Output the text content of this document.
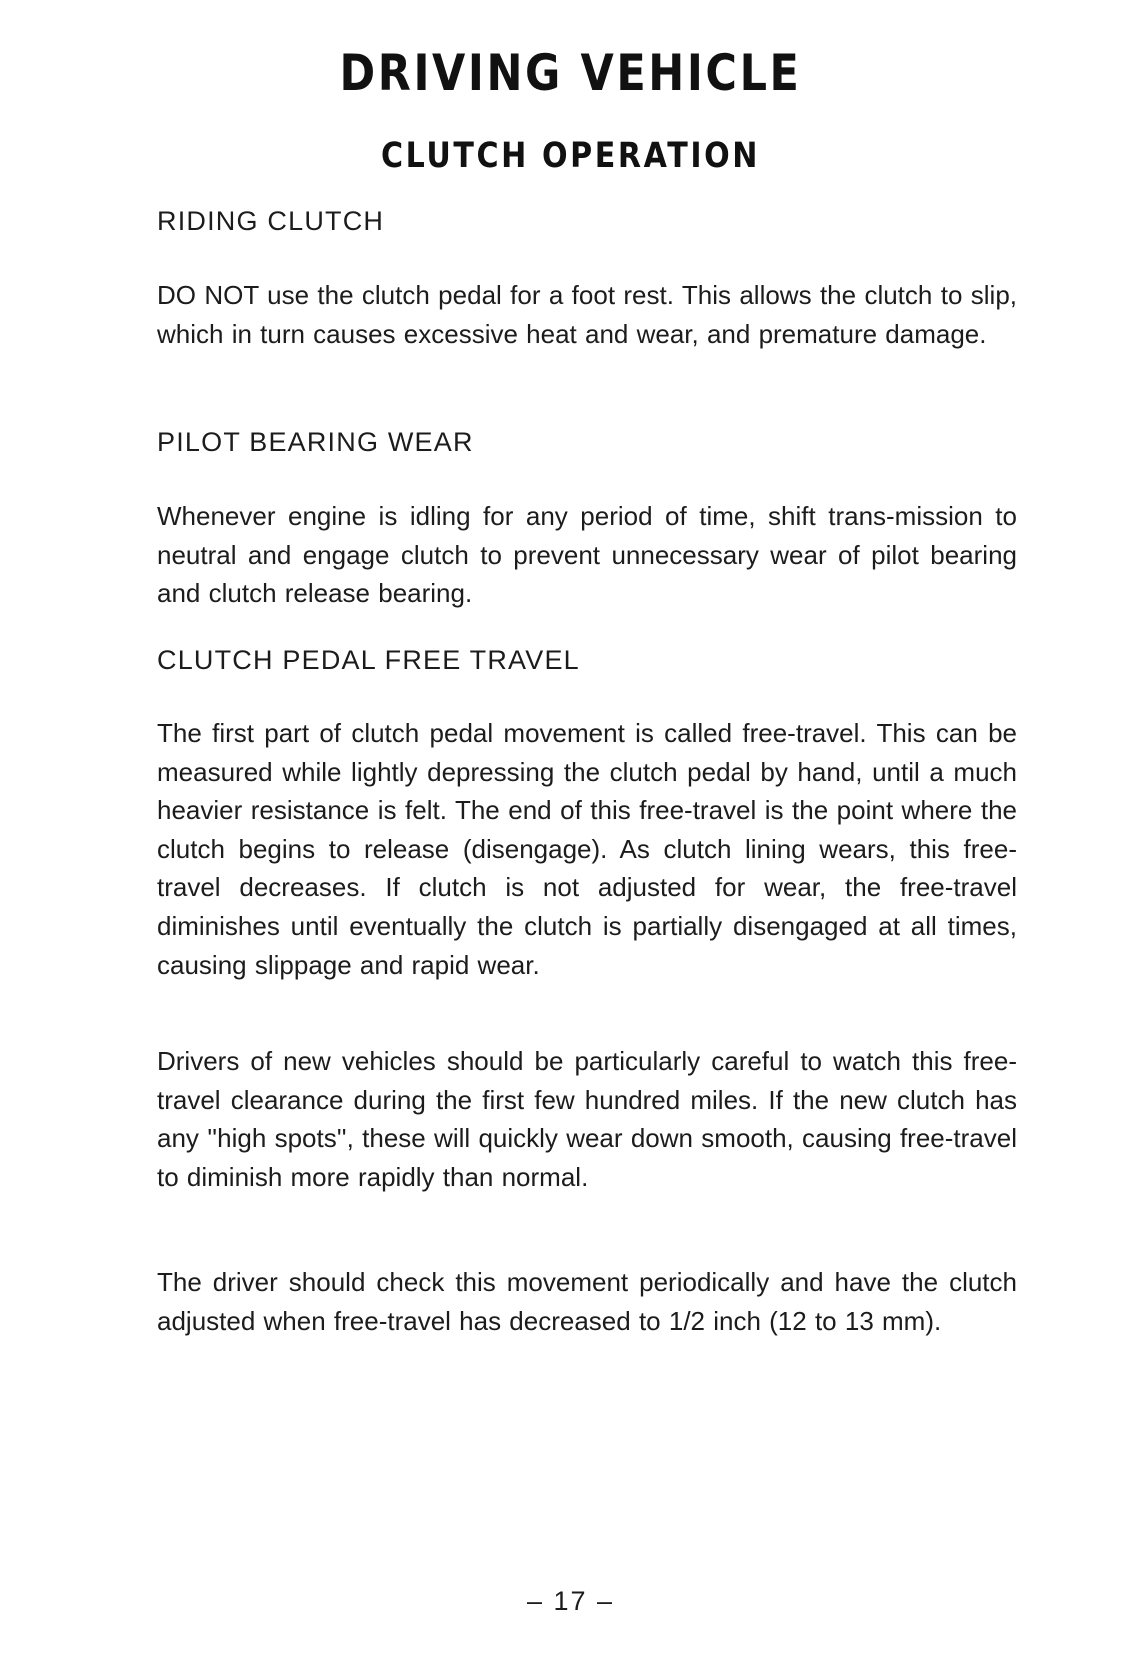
DRIVING VEHICLE
CLUTCH OPERATION
RIDING CLUTCH

DO NOT use the clutch pedal for a foot rest. This allows the clutch to slip, which in turn causes excessive heat and wear, and premature damage.

PILOT BEARING WEAR

Whenever engine is idling for any period of time, shift trans-mission to neutral and engage clutch to prevent unnecessary wear of pilot bearing and clutch release bearing.

CLUTCH PEDAL FREE TRAVEL

The first part of clutch pedal movement is called free-travel. This can be measured while lightly depressing the clutch pedal by hand, until a much heavier resistance is felt. The end of this free-travel is the point where the clutch begins to release (disengage). As clutch lining wears, this free-travel decreases. If clutch is not adjusted for wear, the free-travel diminishes until eventually the clutch is partially disengaged at all times, causing slippage and rapid wear.

Drivers of new vehicles should be particularly careful to watch this free-travel clearance during the first few hundred miles. If the new clutch has any ''high spots'', these will quickly wear down smooth, causing free-travel to diminish more rapidly than normal.

The driver should check this movement periodically and have the clutch adjusted when free-travel has decreased to 1/2 inch (12 to 13 mm).

– 17 –
